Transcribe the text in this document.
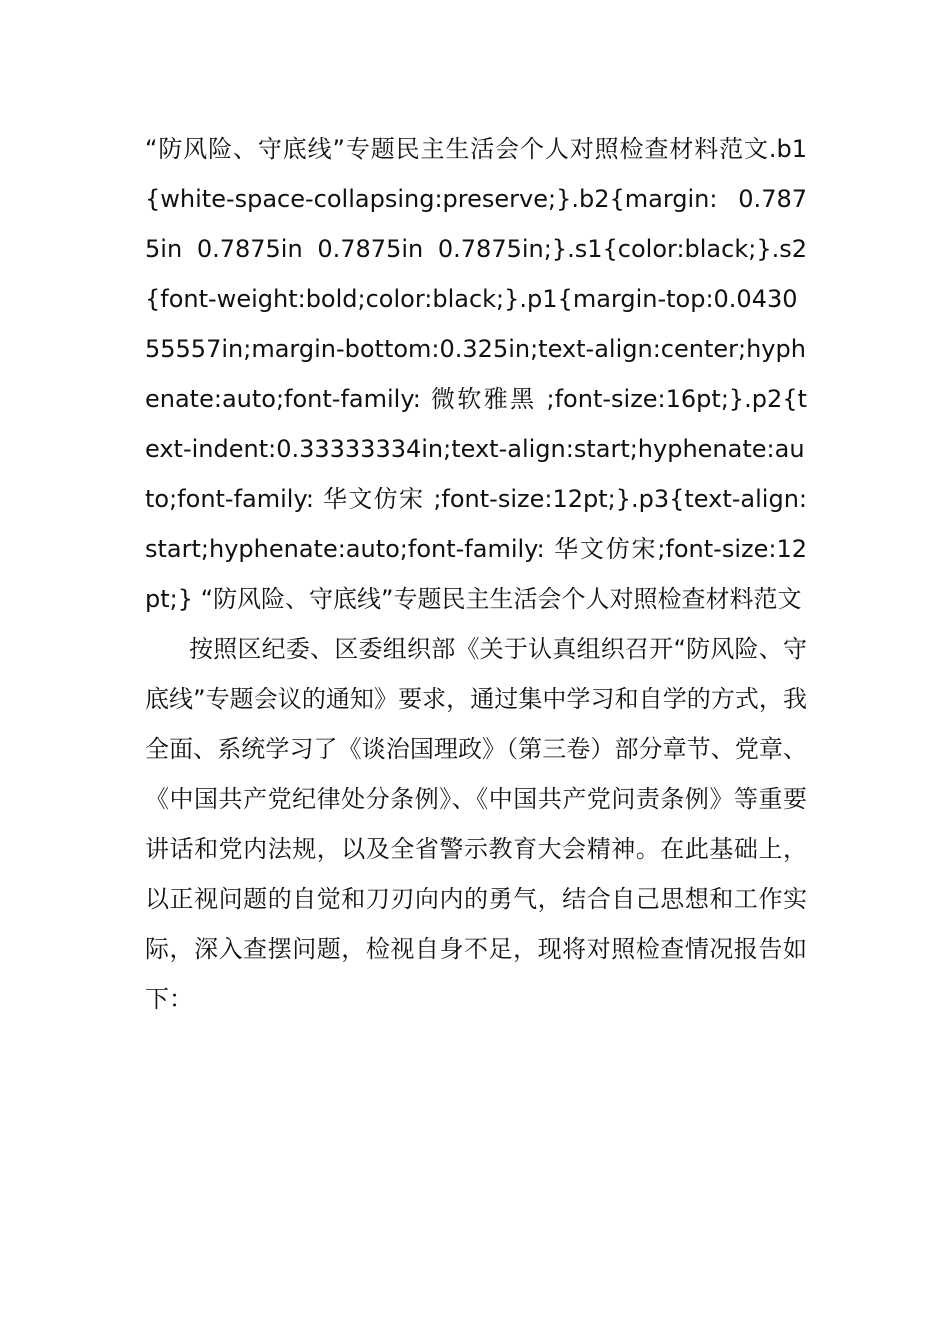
“防风险、守底线”专题民主生活会个人对照检查材料范文.b1{white-space-collapsing:preserve;}.b2{margin: 0.7875in 0.7875in 0.7875in 0.7875in;}.s1{color:black;}.s2{font-weight:bold;color:black;}.p1{margin-top:0.043055557in;margin-bottom:0.325in;text-align:center;hyphenate:auto;font-family: 微软雅黑 ;font-size:16pt;}.p2{text-indent:0.33333334in;text-align:start;hyphenate:auto;font-family: 华文仿宋 ;font-size:12pt;}.p3{text-align:start;hyphenate:auto;font-family: 华文仿宋;font-size:12pt;} “防风险、守底线”专题民主生活会个人对照检查材料范文

按照区纪委、区委组织部《关于认真组织召开“防风险、守底线”专题会议的通知》要求，通过集中学习和自学的方式，我全面、系统学习了《谈治国理政》（第三卷）部分章节、党章、《中国共产党纪律处分条例》、《中国共产党问责条例》等重要讲话和党内法规，以及全省警示教育大会精神。在此基础上，以正视问题的自觉和刀刃向内的勇气，结合自己思想和工作实际，深入查摆问题，检视自身不足，现将对照检查情况报告如下：
